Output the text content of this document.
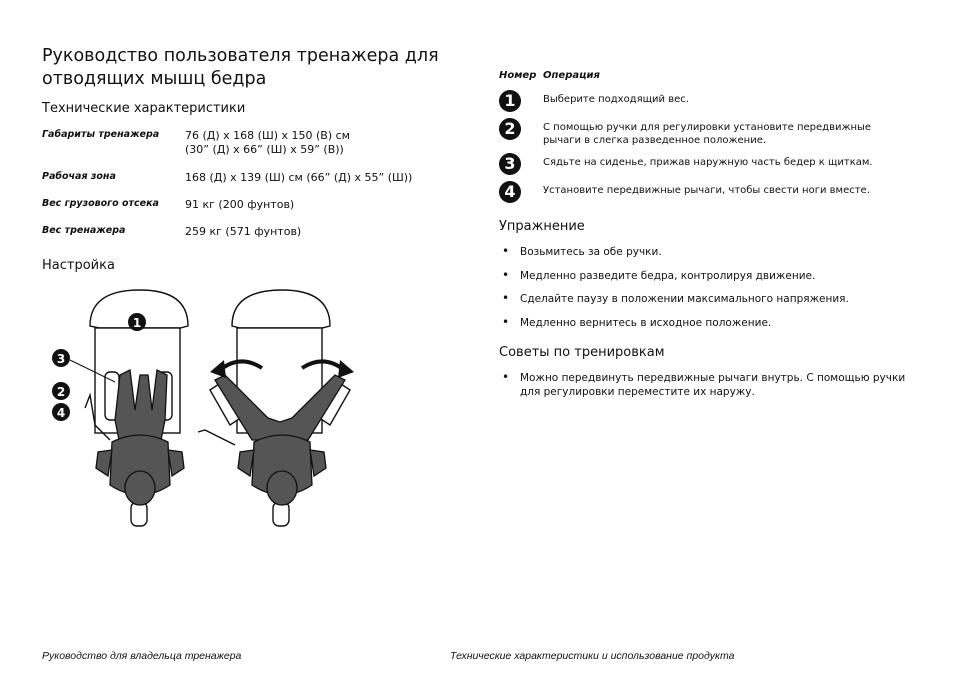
Руководство пользователя тренажера для отводящих мышц бедра
Технические характеристики
Габариты тренажера	76 (Д) x 168 (Ш) x 150 (В) см
(30” (Д) x 66” (Ш) x 59” (В))
Рабочая зона	168 (Д) x 139 (Ш) см (66” (Д) x 55” (Ш))
Вес грузового отсека	91 кг (200 фунтов)
Вес тренажера	259 кг (571 фунтов)
Настройка
1
3
2
4
Номер Операция
1	Выберите подходящий вес.
2	С помощью ручки для регулировки установите передвижные рычаги в слегка разведенное положение.
3	Сядьте на сиденье, прижав наружную часть бедер к щиткам.
4	Установите передвижные рычаги, чтобы свести ноги вместе.
Упражнение
• Возьмитесь за обе ручки.
• Медленно разведите бедра, контролируя движение.
• Сделайте паузу в положении максимального напряжения.
• Медленно вернитесь в исходное положение.
Советы по тренировкам
• Можно передвинуть передвижные рычаги внутрь. С помощью ручки для регулировки переместите их наружу.
Руководство для владельца тренажера	Технические характеристики и использование продукта
